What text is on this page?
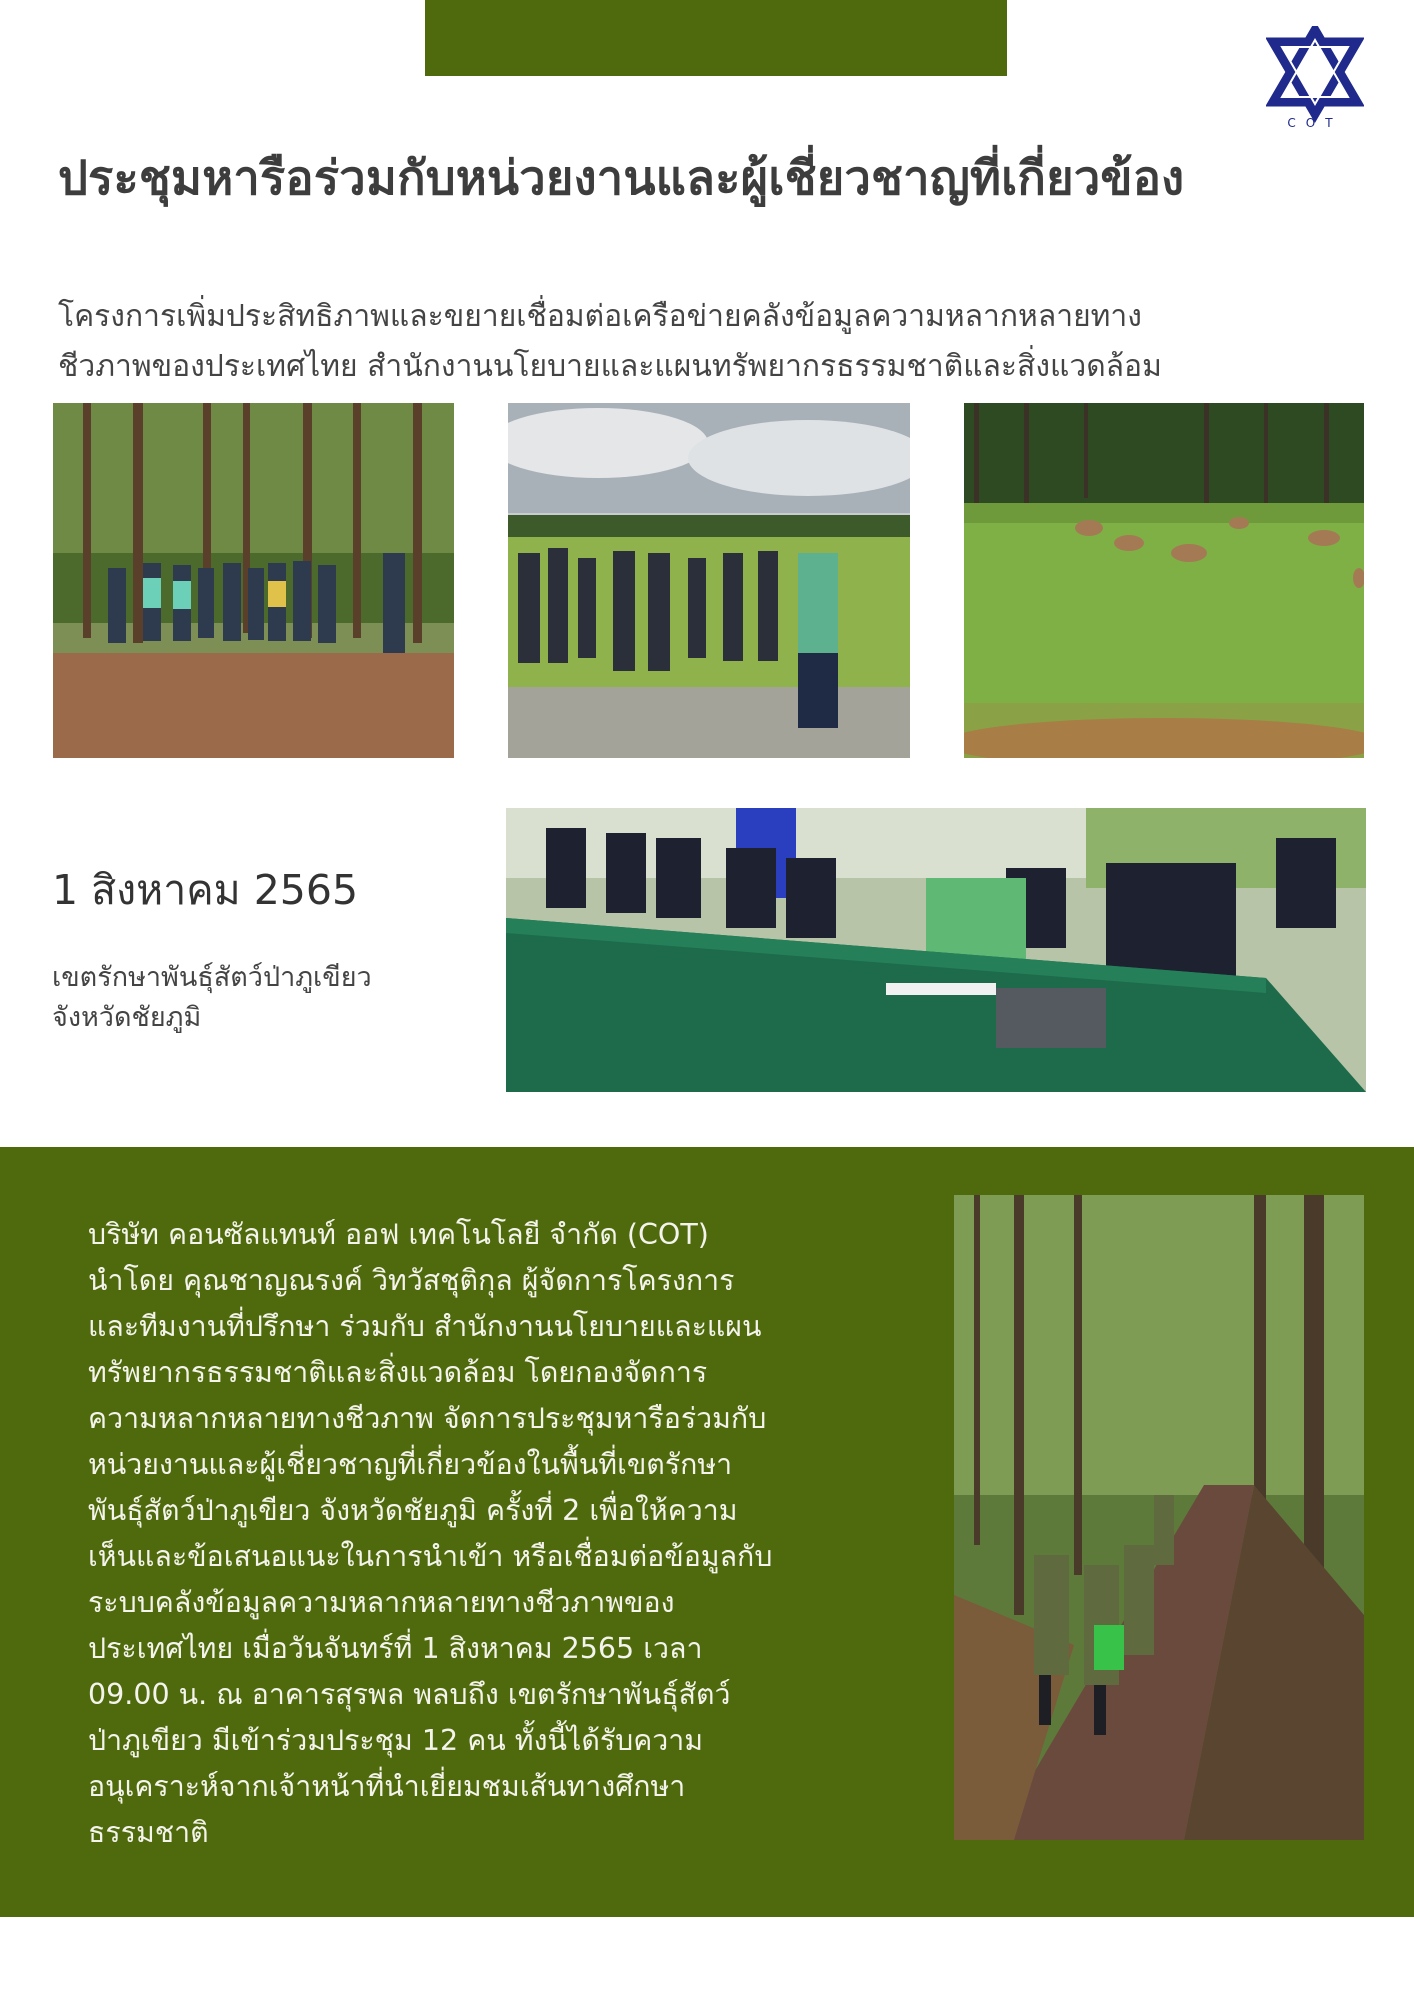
COT
ประชุมหารือร่วมกับหน่วยงานและผู้เชี่ยวชาญที่เกี่ยวข้อง
โครงการเพิ่มประสิทธิภาพและขยายเชื่อมต่อเครือข่ายคลังข้อมูลความหลากหลายทาง
ชีวภาพของประเทศไทย สำนักงานนโยบายและแผนทรัพยากรธรรมชาติและสิ่งแวดล้อม
1 สิงหาคม 2565
เขตรักษาพันธุ์สัตว์ป่าภูเขียว
จังหวัดชัยภูมิ
บริษัท คอนซัลแทนท์ ออฟ เทคโนโลยี จำกัด (COT)
นำโดย คุณชาญณรงค์ วิทวัสชุติกุล ผู้จัดการโครงการ
และทีมงานที่ปรึกษา ร่วมกับ สำนักงานนโยบายและแผน
ทรัพยากรธรรมชาติและสิ่งแวดล้อม โดยกองจัดการ
ความหลากหลายทางชีวภาพ จัดการประชุมหารือร่วมกับ
หน่วยงานและผู้เชี่ยวชาญที่เกี่ยวข้องในพื้นที่เขตรักษา
พันธุ์สัตว์ป่าภูเขียว จังหวัดชัยภูมิ ครั้งที่ 2 เพื่อให้ความ
เห็นและข้อเสนอแนะในการนำเข้า หรือเชื่อมต่อข้อมูลกับ
ระบบคลังข้อมูลความหลากหลายทางชีวภาพของ
ประเทศไทย เมื่อวันจันทร์ที่ 1 สิงหาคม 2565 เวลา
09.00 น. ณ อาคารสุรพล พลบถึง เขตรักษาพันธุ์สัตว์
ป่าภูเขียว มีเข้าร่วมประชุม 12 คน ทั้งนี้ได้รับความ
อนุเคราะห์จากเจ้าหน้าที่นำเยี่ยมชมเส้นทางศึกษา
ธรรมชาติ
